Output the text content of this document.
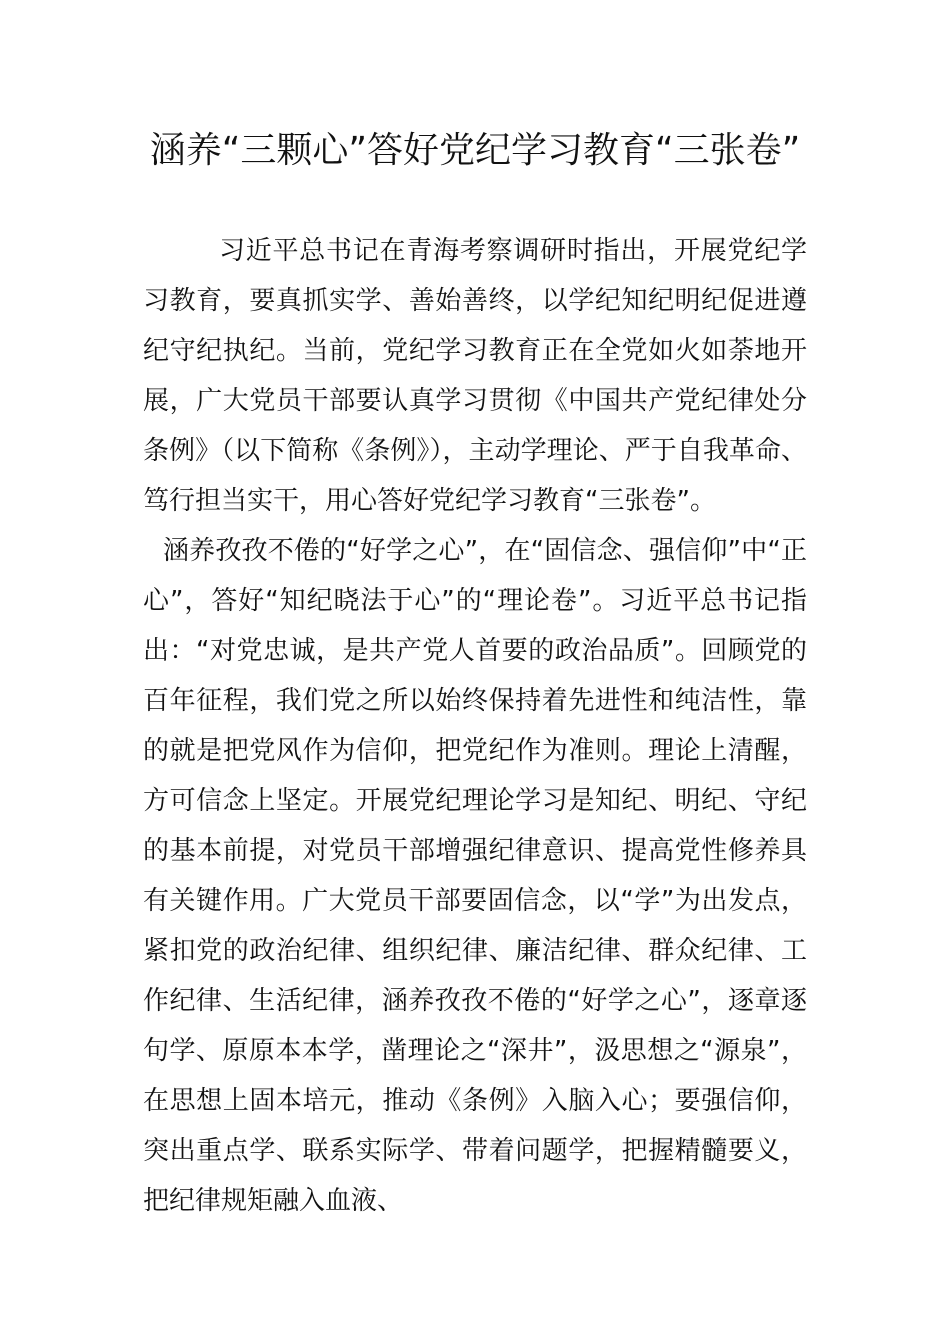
涵养“三颗心”答好党纪学习教育“三张卷”

习近平总书记在青海考察调研时指出，开展党纪学习教育，要真抓实学、善始善终，以学纪知纪明纪促进遵纪守纪执纪。当前，党纪学习教育正在全党如火如荼地开展，广大党员干部要认真学习贯彻《中国共产党纪律处分条例》（以下简称《条例》），主动学理论、严于自我革命、笃行担当实干，用心答好党纪学习教育“三张卷”。

涵养孜孜不倦的“好学之心”，在“固信念、强信仰”中“正心”，答好“知纪晓法于心”的“理论卷”。习近平总书记指出：“对党忠诚，是共产党人首要的政治品质”。回顾党的百年征程，我们党之所以始终保持着先进性和纯洁性，靠的就是把党风作为信仰，把党纪作为准则。理论上清醒，方可信念上坚定。开展党纪理论学习是知纪、明纪、守纪的基本前提，对党员干部增强纪律意识、提高党性修养具有关键作用。广大党员干部要固信念，以“学”为出发点，紧扣党的政治纪律、组织纪律、廉洁纪律、群众纪律、工作纪律、生活纪律，涵养孜孜不倦的“好学之心”，逐章逐句学、原原本本学，凿理论之“深井”，汲思想之“源泉”，在思想上固本培元，推动《条例》入脑入心；要强信仰，突出重点学、联系实际学、带着问题学，把握精髓要义，把纪律规矩融入血液、
